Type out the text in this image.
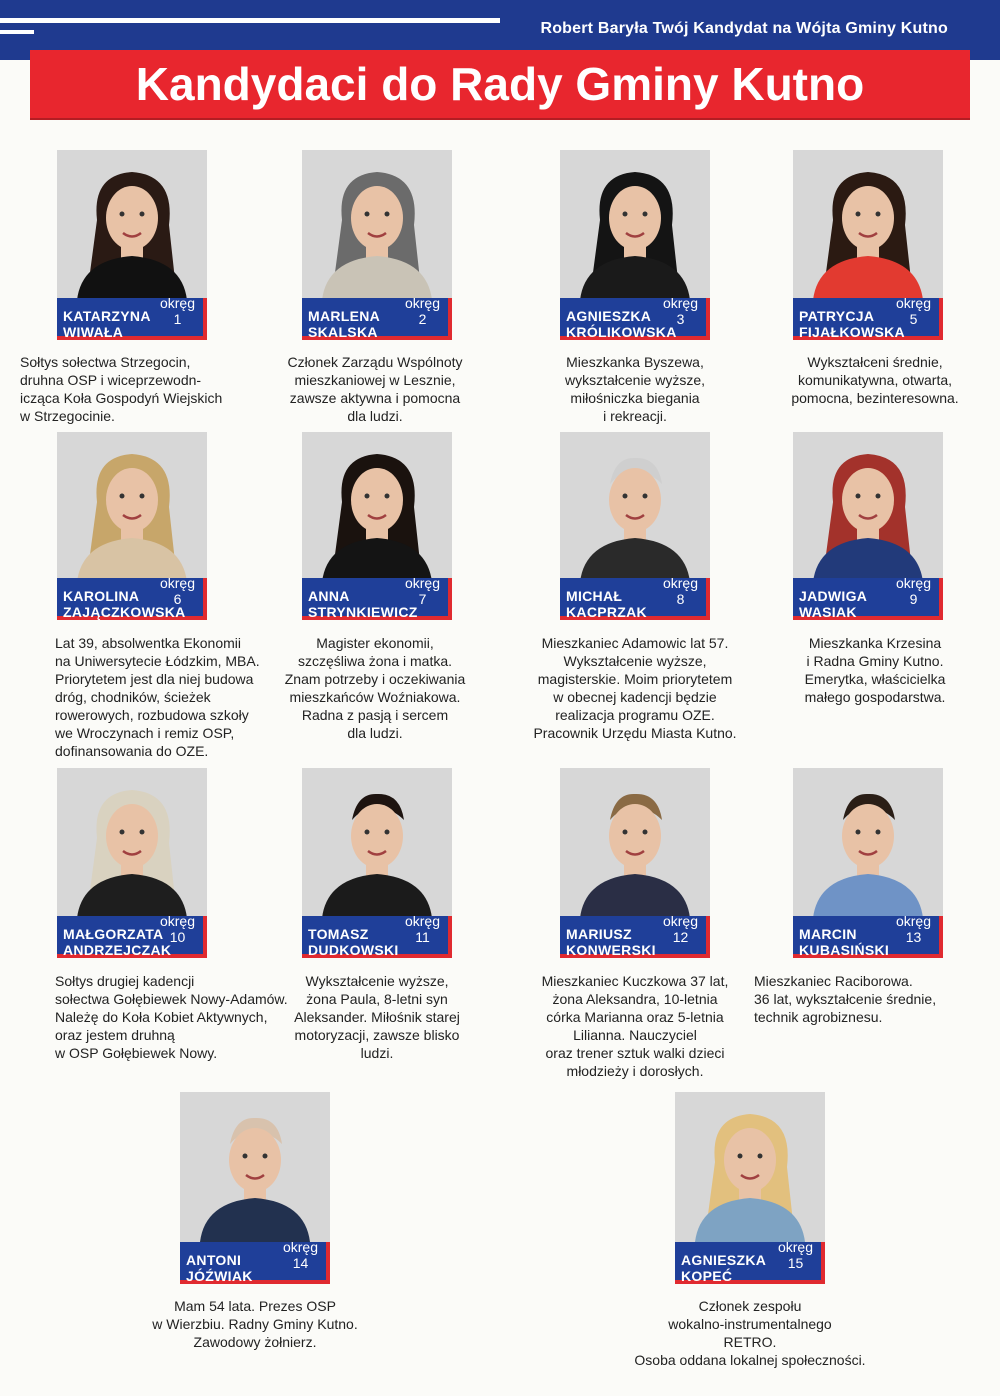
Robert Baryła Twój Kandydat na Wójta Gminy Kutno
Kandydaci do Rady Gminy Kutno
KATARZYNA
WIWAŁA
okręg
1
Sołtys sołectwa Strzegocin,
druhna OSP i wiceprzewodn-
icząca Koła Gospodyń Wiejskich
w Strzegocinie.
MARLENA
SKALSKA
okręg
2
Członek Zarządu Wspólnoty
mieszkaniowej w Lesznie,
zawsze aktywna i pomocna
dla ludzi.
AGNIESZKA
KRÓLIKOWSKA
okręg
3
Mieszkanka Byszewa,
wykształcenie wyższe,
miłośniczka biegania
i rekreacji.
PATRYCJA
FIJAŁKOWSKA
okręg
5
Wykształceni średnie,
komunikatywna, otwarta,
pomocna, bezinteresowna.
KAROLINA
ZAJĄCZKOWSKA
okręg
6
Lat 39, absolwentka Ekonomii
na Uniwersytecie Łódzkim, MBA.
Priorytetem jest dla niej budowa
dróg, chodników, ścieżek
rowerowych, rozbudowa szkoły
we Wroczynach i remiz OSP,
dofinansowania do OZE.
ANNA
STRYNKIEWICZ
okręg
7
Magister ekonomii,
szczęśliwa żona i matka.
Znam potrzeby i oczekiwania
mieszkańców Woźniakowa.
Radna z pasją i sercem
dla ludzi.
MICHAŁ
KACPRZAK
okręg
8
Mieszkaniec Adamowic lat 57.
Wykształcenie wyższe,
magisterskie. Moim priorytetem
w obecnej kadencji będzie
realizacja programu OZE.
Pracownik Urzędu Miasta Kutno.
JADWIGA
WASIAK
okręg
9
Mieszkanka Krzesina
i Radna Gminy Kutno.
Emerytka, właścicielka
małego gospodarstwa.
MAŁGORZATA
ANDRZEJCZAK
okręg
10
Sołtys drugiej kadencji
sołectwa Gołębiewek Nowy-Adamów.
Należę do Koła Kobiet Aktywnych,
oraz jestem druhną
w OSP Gołębiewek Nowy.
TOMASZ
DUDKOWSKI
okręg
11
Wykształcenie wyższe,
żona Paula, 8-letni syn
Aleksander. Miłośnik starej
motoryzacji, zawsze blisko
ludzi.
MARIUSZ
KONWERSKI
okręg
12
Mieszkaniec Kuczkowa 37 lat,
żona Aleksandra, 10-letnia
córka Marianna oraz 5-letnia
Lilianna. Nauczyciel
oraz trener sztuk walki dzieci
młodzieży i dorosłych.
MARCIN
KUBASIŃSKI
okręg
13
Mieszkaniec Raciborowa.
36 lat, wykształcenie średnie,
technik agrobiznesu.
ANTONI
JÓŹWIAK
okręg
14
Mam 54 lata. Prezes OSP
w Wierzbiu. Radny Gminy Kutno.
Zawodowy żołnierz.
AGNIESZKA
KOPEĆ
okręg
15
Członek zespołu
wokalno-instrumentalnego
RETRO.
Osoba oddana lokalnej społeczności.
